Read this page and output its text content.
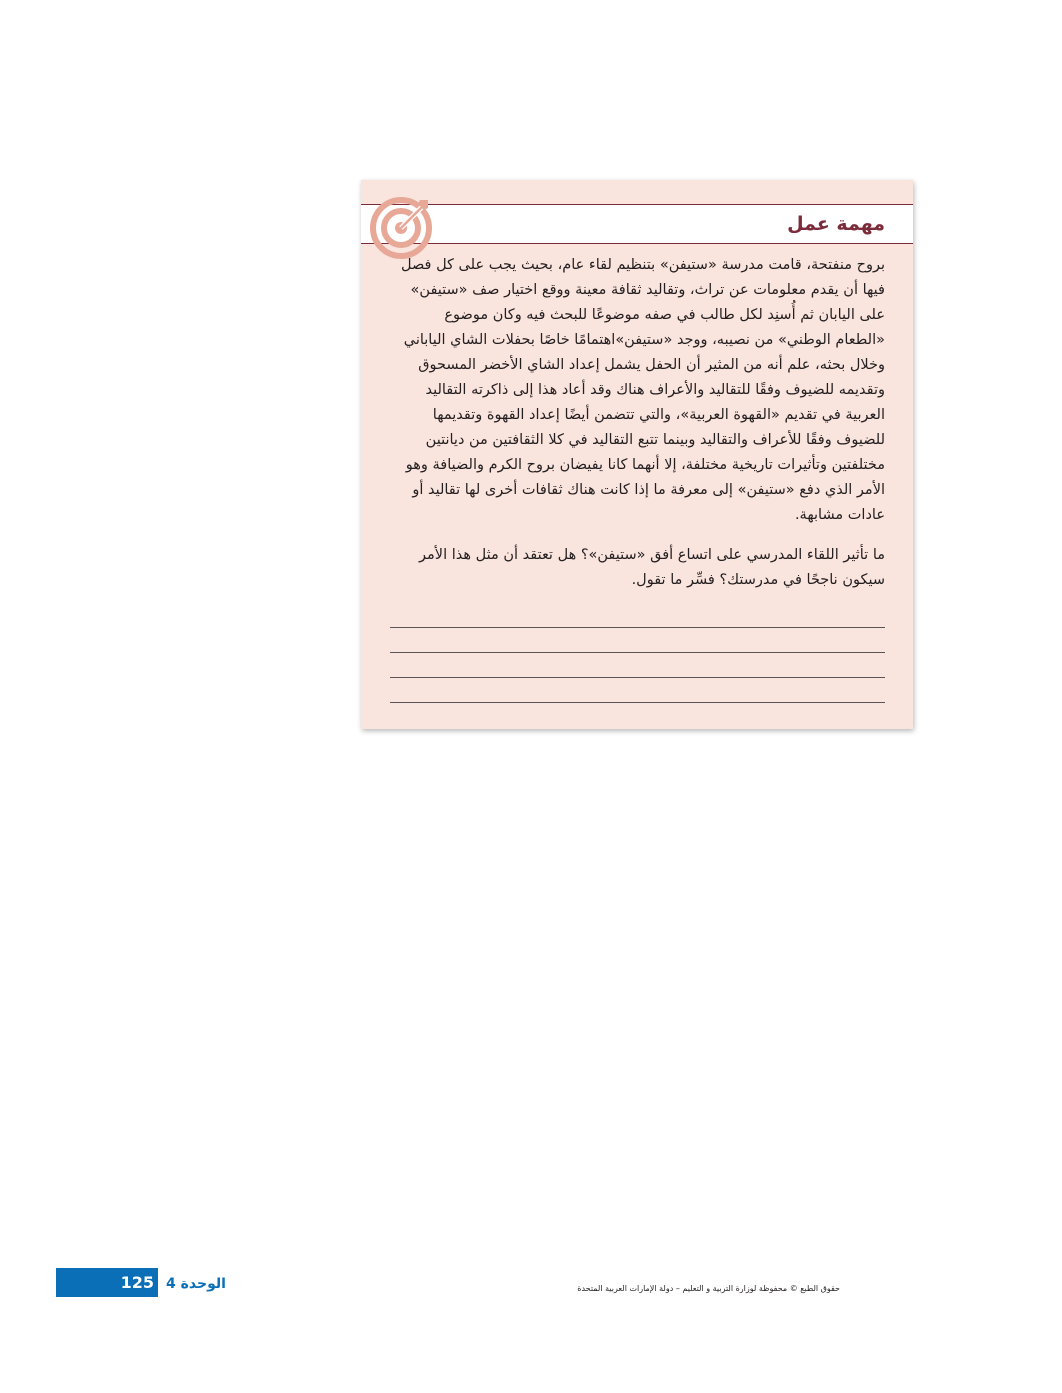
مهمة عمل

بروح منفتحة، قامت مدرسة «ستيفن» بتنظيم لقاء عام، بحيث يجب على كل فصل فيها أن يقدم معلومات عن تراث، وتقاليد ثقافة معينة ووقع اختيار صف «ستيفن» على اليابان ثم أُسنِد لكل طالب في صفه موضوعًا للبحث فيه وكان موضوع «الطعام الوطني» من نصيبه، ووجد «ستيفن»اهتمامًا خاصًا بحفلات الشاي الياباني وخلال بحثه، علم أنه من المثير أن الحفل يشمل إعداد الشاي الأخضر المسحوق وتقديمه للضيوف وفقًا للتقاليد والأعراف هناك وقد أعاد هذا إلى ذاكرته التقاليد العربية في تقديم «القهوة العربية»، والتي تتضمن أيضًا إعداد القهوة وتقديمها للضيوف وفقًا للأعراف والتقاليد وبينما تتبع التقاليد في كلا الثقافتين من ديانتين مختلفتين وتأثيرات تاريخية مختلفة، إلا أنهما كانا يفيضان بروح الكرم والضيافة وهو الأمر الذي دفع «ستيفن» إلى معرفة ما إذا كانت هناك ثقافات أخرى لها تقاليد أو عادات مشابهة.

ما تأثير اللقاء المدرسي على اتساع أفق «ستيفن»؟ هل تعتقد أن مثل هذا الأمر سيكون ناجحًا في مدرستك؟ فسِّر ما تقول.

125 الوحدة 4	حقوق الطبع © محفوظة لوزارة التربية و التعليم – دولة الإمارات العربية المتحدة
